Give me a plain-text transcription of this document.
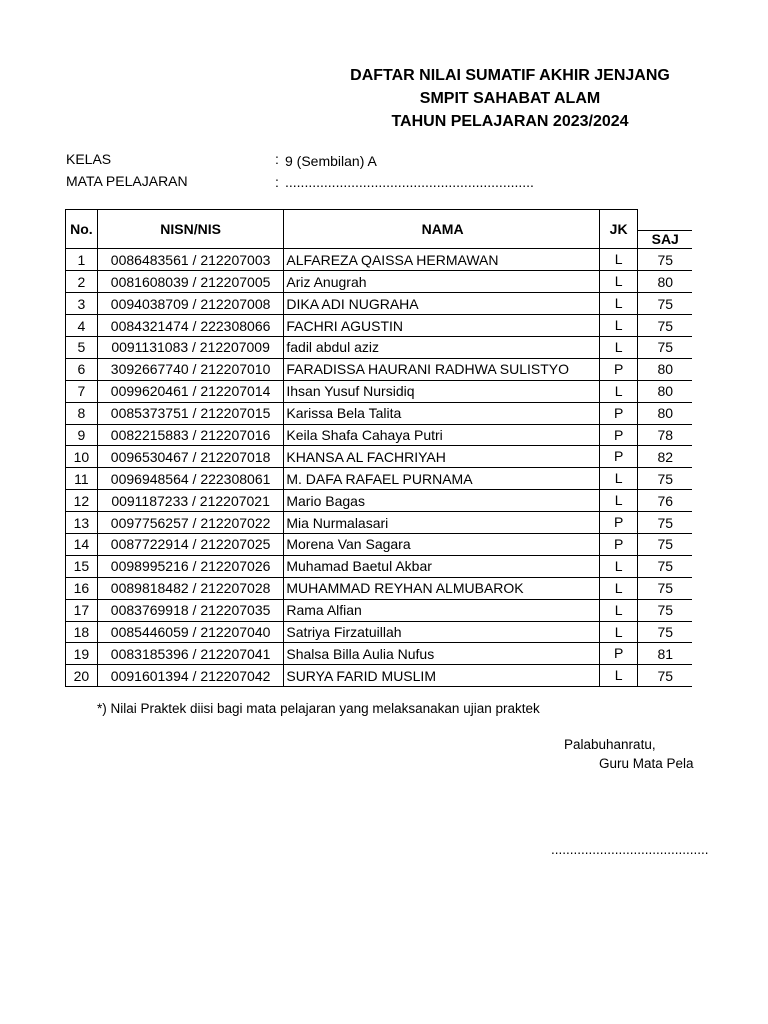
DAFTAR NILAI SUMATIF AKHIR JENJANG
SMPIT SAHABAT ALAM
TAHUN PELAJARAN 2023/2024
KELAS	: 9 (Sembilan) A
MATA PELAJARAN	: ................................................................
No.	NISN/NIS	NAMA	JK	
				SAJ
1	0086483561 / 212207003	ALFAREZA QAISSA HERMAWAN	L	75
2	0081608039 / 212207005	Ariz Anugrah	L	80
3	0094038709 / 212207008	DIKA ADI NUGRAHA	L	75
4	0084321474 / 222308066	FACHRI AGUSTIN	L	75
5	0091131083 / 212207009	fadil abdul aziz	L	75
6	3092667740 / 212207010	FARADISSA HAURANI RADHWA SULISTYO	P	80
7	0099620461 / 212207014	Ihsan Yusuf Nursidiq	L	80
8	0085373751 / 212207015	Karissa Bela Talita	P	80
9	0082215883 / 212207016	Keila Shafa Cahaya Putri	P	78
10	0096530467 / 212207018	KHANSA AL FACHRIYAH	P	82
11	0096948564 / 222308061	M. DAFA RAFAEL PURNAMA	L	75
12	0091187233 / 212207021	Mario Bagas	L	76
13	0097756257 / 212207022	Mia Nurmalasari	P	75
14	0087722914 / 212207025	Morena Van Sagara	P	75
15	0098995216 / 212207026	Muhamad Baetul Akbar	L	75
16	0089818482 / 212207028	MUHAMMAD REYHAN ALMUBAROK	L	75
17	0083769918 / 212207035	Rama Alfian	L	75
18	0085446059 / 212207040	Satriya Firzatuillah	L	75
19	0083185396 / 212207041	Shalsa Billa Aulia Nufus	P	81
20	0091601394 / 212207042	SURYA FARID MUSLIM	L	75
*) Nilai Praktek diisi bagi mata pelajaran yang melaksanakan ujian praktek
Palabuhanratu,
Guru Mata Pela
..........................................
